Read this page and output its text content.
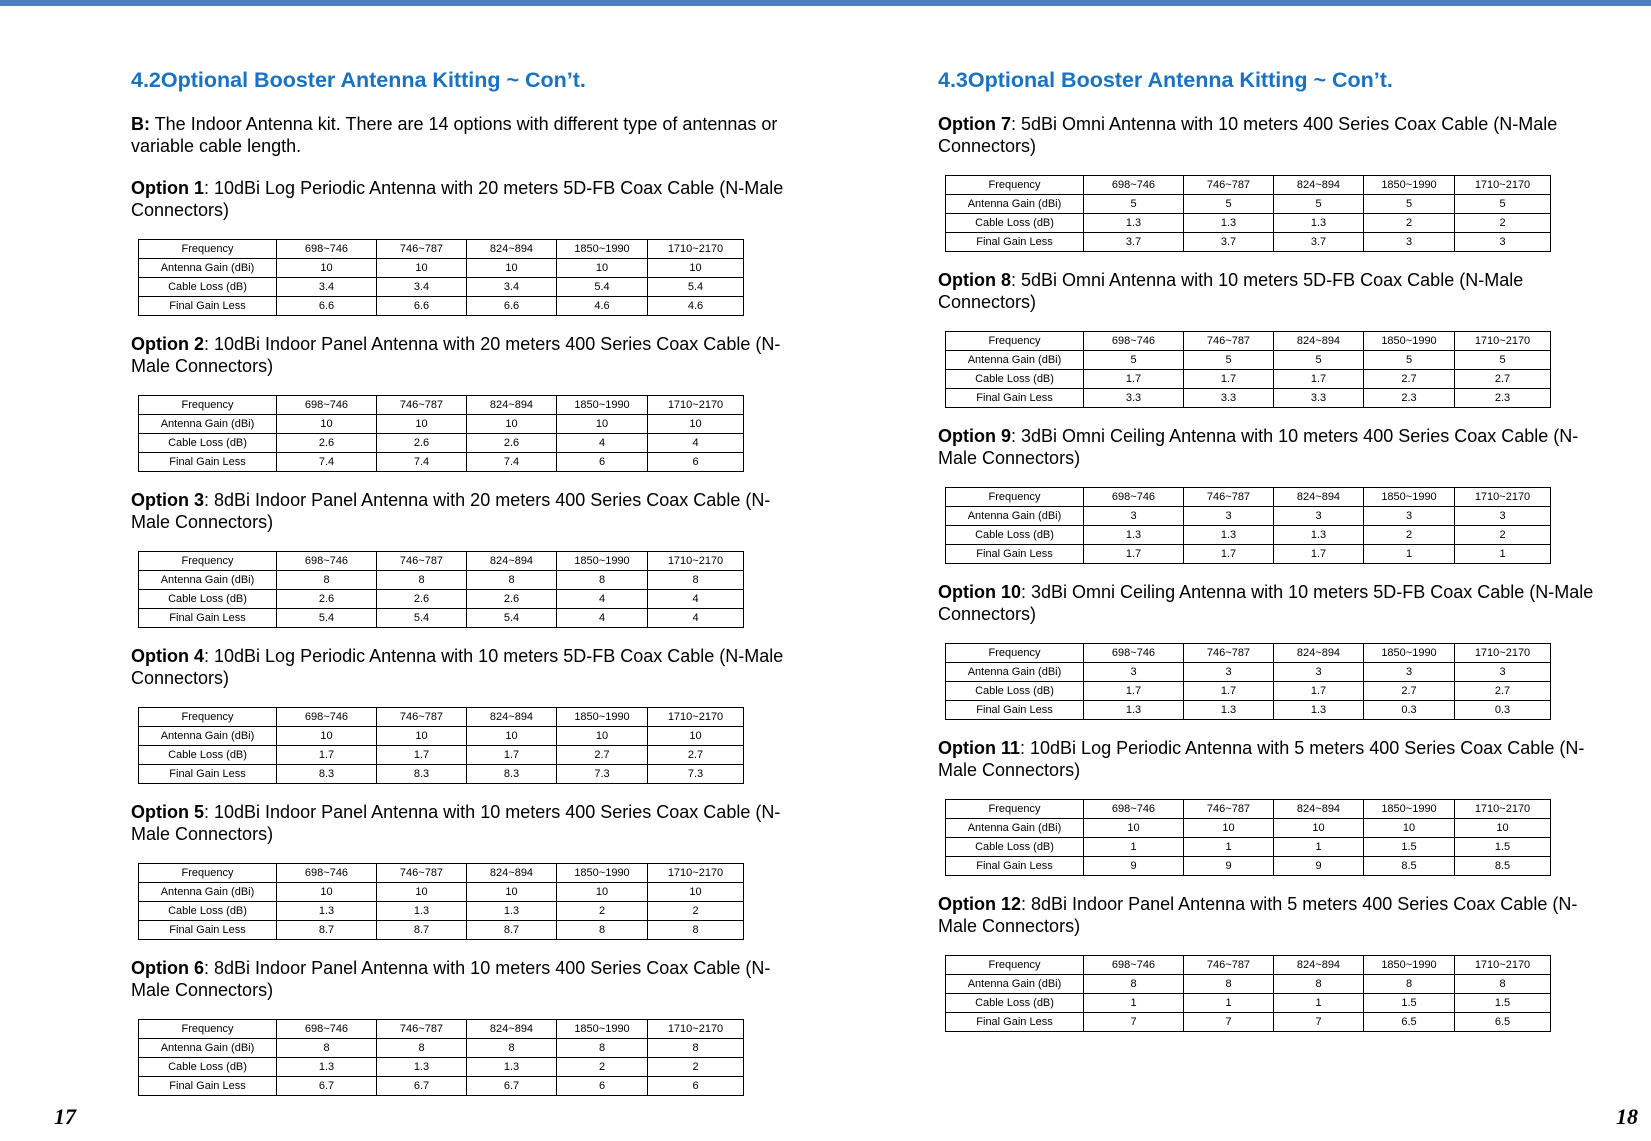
4.2Optional Booster Antenna Kitting ~ Con’t.

B: The Indoor Antenna kit. There are 14 options with different type of antennas or variable cable length.

Option 1: 10dBi Log Periodic Antenna with 20 meters 5D-FB Coax Cable (N-Male Connectors)
Frequency	698~746	746~787	824~894	1850~1990	1710~2170
Antenna Gain (dBi)	10	10	10	10	10
Cable Loss (dB)	3.4	3.4	3.4	5.4	5.4
Final Gain Less	6.6	6.6	6.6	4.6	4.6
Option 2: 10dBi Indoor Panel Antenna with 20 meters 400 Series Coax Cable (N-Male Connectors)
Frequency	698~746	746~787	824~894	1850~1990	1710~2170
Antenna Gain (dBi)	10	10	10	10	10
Cable Loss (dB)	2.6	2.6	2.6	4	4
Final Gain Less	7.4	7.4	7.4	6	6
Option 3: 8dBi Indoor Panel Antenna with 20 meters 400 Series Coax Cable (N-Male Connectors)
Frequency	698~746	746~787	824~894	1850~1990	1710~2170
Antenna Gain (dBi)	8	8	8	8	8
Cable Loss (dB)	2.6	2.6	2.6	4	4
Final Gain Less	5.4	5.4	5.4	4	4
Option 4: 10dBi Log Periodic Antenna with 10 meters 5D-FB Coax Cable (N-Male Connectors)
Frequency	698~746	746~787	824~894	1850~1990	1710~2170
Antenna Gain (dBi)	10	10	10	10	10
Cable Loss (dB)	1.7	1.7	1.7	2.7	2.7
Final Gain Less	8.3	8.3	8.3	7.3	7.3
Option 5: 10dBi Indoor Panel Antenna with 10 meters 400 Series Coax Cable (N-Male Connectors)
Frequency	698~746	746~787	824~894	1850~1990	1710~2170
Antenna Gain (dBi)	10	10	10	10	10
Cable Loss (dB)	1.3	1.3	1.3	2	2
Final Gain Less	8.7	8.7	8.7	8	8
Option 6: 8dBi Indoor Panel Antenna with 10 meters 400 Series Coax Cable (N-Male Connectors)
Frequency	698~746	746~787	824~894	1850~1990	1710~2170
Antenna Gain (dBi)	8	8	8	8	8
Cable Loss (dB)	1.3	1.3	1.3	2	2
Final Gain Less	6.7	6.7	6.7	6	6
17
4.3Optional Booster Antenna Kitting ~ Con’t.
Option 7: 5dBi Omni Antenna with 10 meters 400 Series Coax Cable (N-Male Connectors)
Frequency	698~746	746~787	824~894	1850~1990	1710~2170
Antenna Gain (dBi)	5	5	5	5	5
Cable Loss (dB)	1.3	1.3	1.3	2	2
Final Gain Less	3.7	3.7	3.7	3	3
Option 8: 5dBi Omni Antenna with 10 meters 5D-FB Coax Cable (N-Male Connectors)
Frequency	698~746	746~787	824~894	1850~1990	1710~2170
Antenna Gain (dBi)	5	5	5	5	5
Cable Loss (dB)	1.7	1.7	1.7	2.7	2.7
Final Gain Less	3.3	3.3	3.3	2.3	2.3
Option 9: 3dBi Omni Ceiling Antenna with 10 meters 400 Series Coax Cable (N-Male Connectors)
Frequency	698~746	746~787	824~894	1850~1990	1710~2170
Antenna Gain (dBi)	3	3	3	3	3
Cable Loss (dB)	1.3	1.3	1.3	2	2
Final Gain Less	1.7	1.7	1.7	1	1
Option 10: 3dBi Omni Ceiling Antenna with 10 meters 5D-FB Coax Cable (N-Male Connectors)
Frequency	698~746	746~787	824~894	1850~1990	1710~2170
Antenna Gain (dBi)	3	3	3	3	3
Cable Loss (dB)	1.7	1.7	1.7	2.7	2.7
Final Gain Less	1.3	1.3	1.3	0.3	0.3
Option 11: 10dBi Log Periodic Antenna with 5 meters 400 Series Coax Cable (N-Male Connectors)
Frequency	698~746	746~787	824~894	1850~1990	1710~2170
Antenna Gain (dBi)	10	10	10	10	10
Cable Loss (dB)	1	1	1	1.5	1.5
Final Gain Less	9	9	9	8.5	8.5
Option 12: 8dBi Indoor Panel Antenna with 5 meters 400 Series Coax Cable (N-Male Connectors)
Frequency	698~746	746~787	824~894	1850~1990	1710~2170
Antenna Gain (dBi)	8	8	8	8	8
Cable Loss (dB)	1	1	1	1.5	1.5
Final Gain Less	7	7	7	6.5	6.5
18
